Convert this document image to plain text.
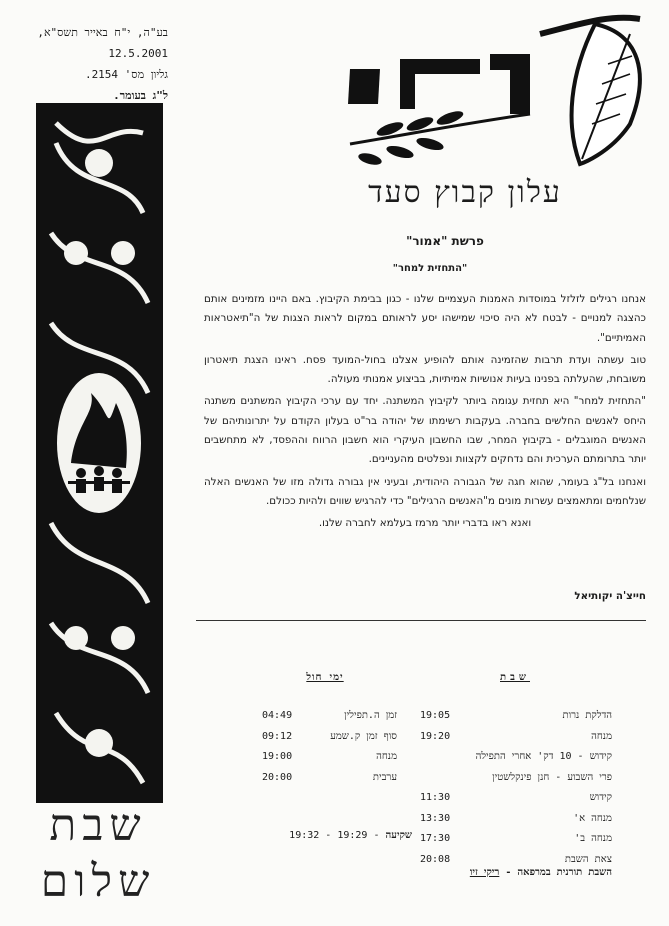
בע"ה, י"ח באייר תשס"א,
12.5.2001
גליון מס' 2154.
ל"ג בעומר.
עלון קבוץ סעד
פרשת "אמור"
"התחזית למחר"

אנחנו רגילים לזלזל במוסדות האמנות העצמיים שלנו - כגון בבימת הקיבוץ. באם היינו מזמינים אותם כהצגה למנויים - לבטח לא היה סיכוי שמישהו יסע לראותם במקום לראות הצגות של ה"תיאטראות האמיתיים".

טוב עשתה ועדת תרבות שהזמינה אותם להופיע אצלנו בחול-המועד פסח. ראינו הצגת תיאטרון משובחת, שהעלתה בפנינו בעיות אנושיות אמיתיות, בביצוע אמנותי מעולה.

"התחזית למחר" היא תחזית עגומה ביותר לקיבוץ המשתנה. יחד עם ערכי הקיבוץ המשתנים משתנה היחס לאנשים החלשים בחברה. בעקבות רשימתו של יהודה בר"ט בעלון הקודם על יתרונותיהם של האנשים המוגבלים - בקיבוץ המחר, שבו החשבון העיקרי הוא חשבון הרווח וההפסד, לא מתחשבים יותר בתרומתם הערכית והם נדחקים לקצוות ונפלטים מהעניינים.

ואנחנו בל"ג בעומר, שהוא חגה של הגבורה היהודית, ובעיני אין גבורה גדולה מזו של האנשים האלה שנלחמים ומתאמצים עשרות מונים מ"האנשים הרגילים" כדי להרגיש שווים ולהיות ככולם.

ואנא ראו בדברי יותר מרמז בעלמא לחברה שלנו.

חייצ'ה יקותיאל
שבת
ימי חול
הדלקת נרות
19:05
מנחה
19:20
קידוש - 10 דק' אחרי התפילה
פרי השבוע - חנן פינקלשטין
קידוש
11:30
מנחה א'
13:30
מנחה ב'
17:30
צאת השבת
20:08
זמן ה.תפילין
04:49
סוף זמן ק.שמע
09:12
מנחה
19:00
ערבית
20:00
19:32 - 19:29 - שקיעה
השבת תורנית במרפאה - ריקי זיו
שבת
שלום
